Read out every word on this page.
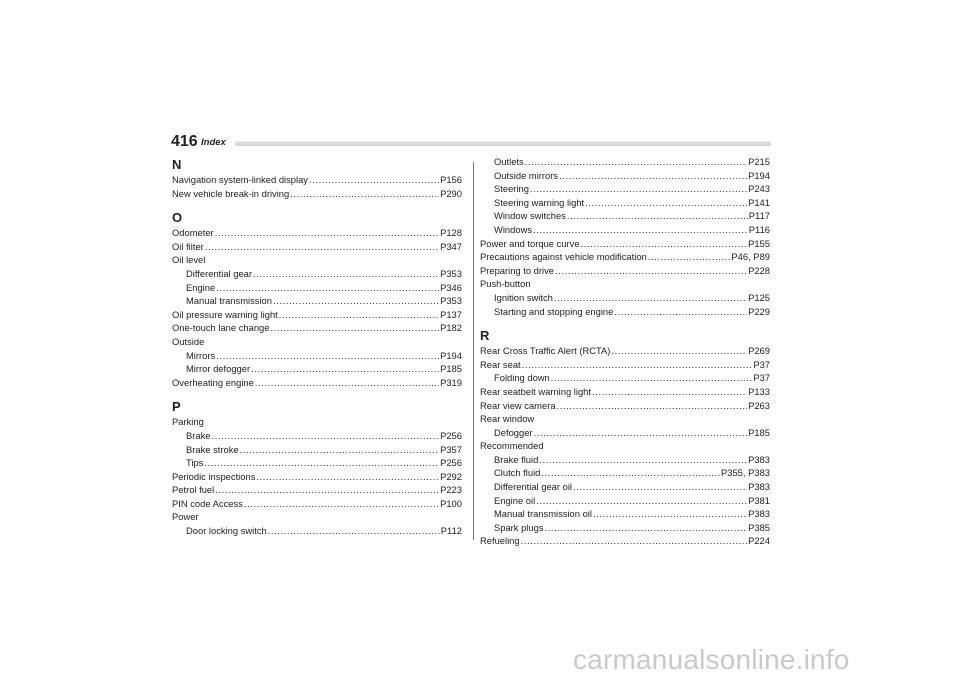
416 Index
N
Navigation system-linked display .....	P156
New vehicle break-in driving .....	P290
O
Odometer .....	P128
Oil filter .....	P347
Oil level
Differential gear .....	P353
Engine .....	P346
Manual transmission .....	P353
Oil pressure warning light .....	P137
One-touch lane change .....	P182
Outside
Mirrors .....	P194
Mirror defogger .....	P185
Overheating engine .....	P319
P
Parking
Brake .....	P256
Brake stroke .....	P357
Tips .....	P256
Periodic inspections .....	P292
Petrol fuel .....	P223
PIN code Access .....	P100
Power
Door locking switch .....	P112
Outlets .....	P215
Outside mirrors .....	P194
Steering .....	P243
Steering warning light .....	P141
Window switches .....	P117
Windows .....	P116
Power and torque curve .....	P155
Precautions against vehicle modification .....	P46, P89
Preparing to drive .....	P228
Push-button
Ignition switch .....	P125
Starting and stopping engine .....	P229
R
Rear Cross Traffic Alert (RCTA) .....	P269
Rear seat .....	P37
Folding down .....	P37
Rear seatbelt warning light .....	P133
Rear view camera .....	P263
Rear window
Defogger .....	P185
Recommended
Brake fluid .....	P383
Clutch fluid .....	P355, P383
Differential gear oil .....	P383
Engine oil .....	P381
Manual transmission oil .....	P383
Spark plugs .....	P385
Refueling .....	P224
carmanualsonline.info
